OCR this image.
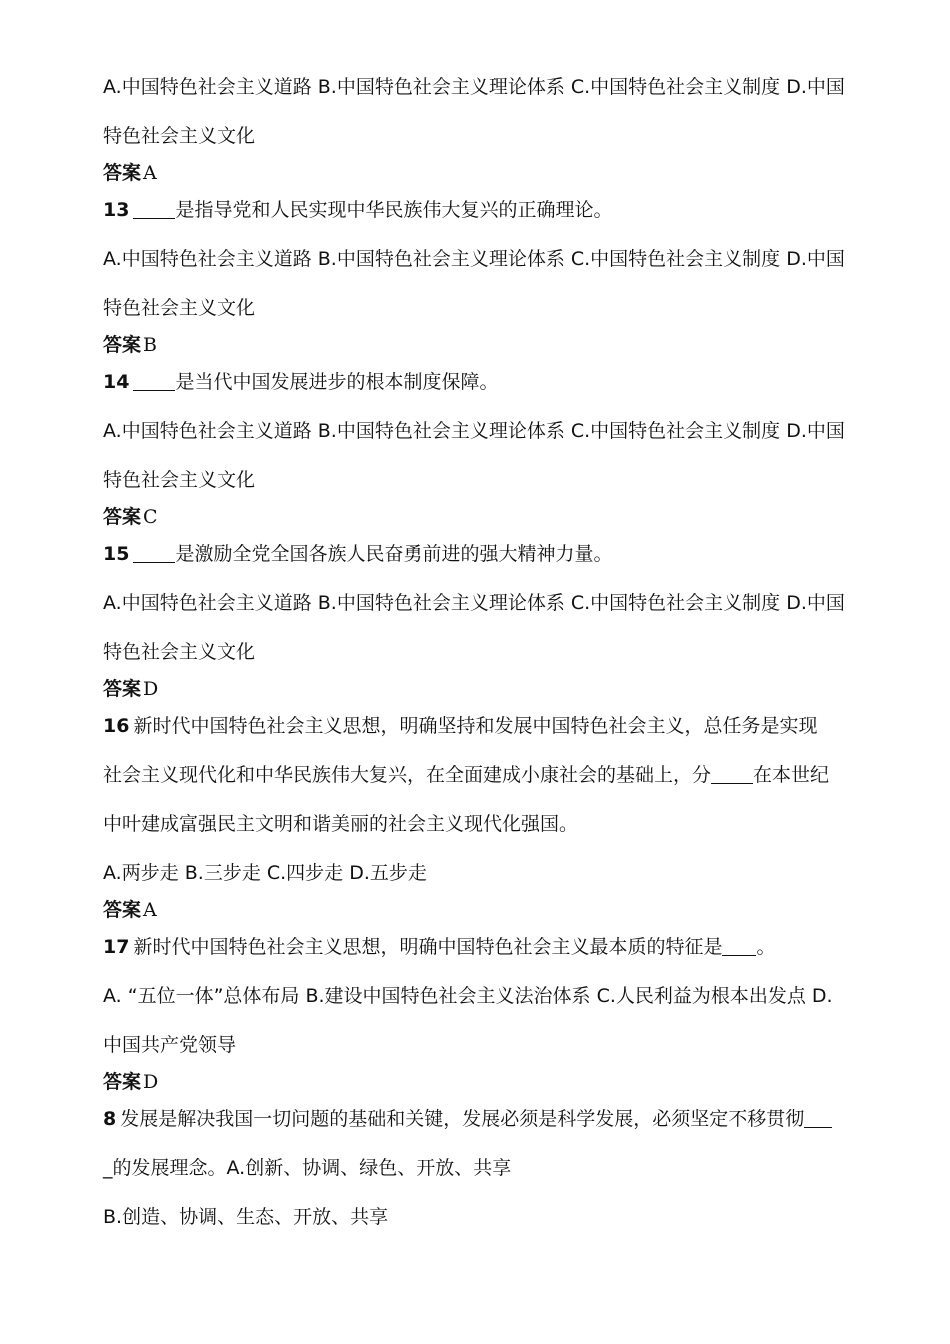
A.中国特色社会主义道路 B.中国特色社会主义理论体系 C.中国特色社会主义制度 D.中国
特色社会主义文化
答案 A
13 是指导党和人民实现中华民族伟大复兴的正确理论。
A.中国特色社会主义道路 B.中国特色社会主义理论体系 C.中国特色社会主义制度 D.中国
特色社会主义文化
答案 B
14 是当代中国发展进步的根本制度保障。
A.中国特色社会主义道路 B.中国特色社会主义理论体系 C.中国特色社会主义制度 D.中国
特色社会主义文化
答案 C
15 是激励全党全国各族人民奋勇前进的强大精神力量。
A.中国特色社会主义道路 B.中国特色社会主义理论体系 C.中国特色社会主义制度 D.中国
特色社会主义文化
答案 D
16 新时代中国特色社会主义思想，明确坚持和发展中国特色社会主义，总任务是实现
社会主义现代化和中华民族伟大复兴，在全面建成小康社会的基础上，分 在本世纪
中叶建成富强民主文明和谐美丽的社会主义现代化强国。
A.两步走 B.三步走 C.四步走 D.五步走
答案 A
17 新时代中国特色社会主义思想，明确中国特色社会主义最本质的特征是 。
A. “五位一体”总体布局 B.建设中国特色社会主义法治体系 C.人民利益为根本出发点 D.
中国共产党领导
答案 D
8 发展是解决我国一切问题的基础和关键，发展必须是科学发展，必须坚定不移贯彻
_的发展理念。A.创新、协调、绿色、开放、共享
B.创造、协调、生态、开放、共享
